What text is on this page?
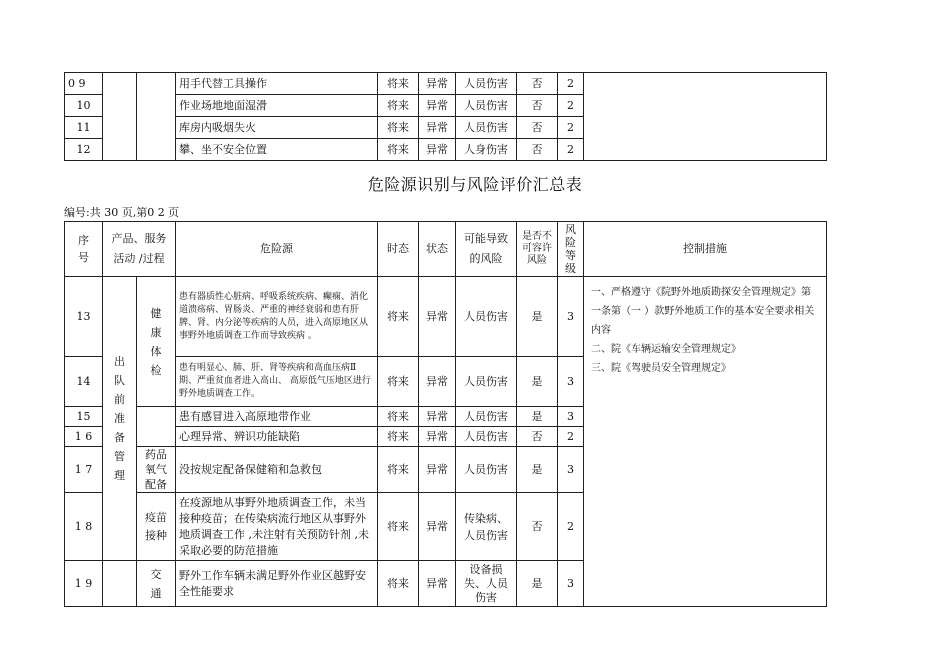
0 9			用手代替工具操作	将来	异常	人员伤害	否	2	
10			作业场地地面湿滑	将来	异常	人员伤害	否	2	
11			库房内吸烟失火	将来	异常	人员伤害	否	2	
12			攀、坐不安全位置	将来	异常	人身伤害	否	2	
危险源识别与风险评价汇总表
编号:共 30 页,第0 2 页
序号	产品、服务活动 /过程		危险源	时态	状态	可能导致的风险	是否不可容许风险	风险等级	控制措施
13	出队前准备管理	健康体检	患有器质性心脏病、呼吸系统疾病、癫痫、消化道溃疡病、胃肠炎、严重的神经衰弱和患有肝脾、肾、内分泌等疾病的人员，进入高原地区从事野外地质调查工作而导致疾病 。	将来	异常	人员伤害	是	3	一、严格遵守《院野外地质勘探安全管理规定》第一条第（一 ）款野外地质工作的基本安全要求相关内容
二、院《车辆运输安全管理规定》
三、院《驾驶员安全管理规定》

14			患有明显心、肺、肝、肾等疾病和高血压病Ⅱ期、严重贫血者进入高山、 高原低气压地区进行野外地质调查工作。	将来	异常	人员伤害	是	3	
15			患有感冒进入高原地带作业	将来	异常	人员伤害	是	3	
1 6			心理异常、辨识功能缺陷	将来	异常	人员伤害	否	2	
1 7		药品氧气配备	没按规定配备保健箱和急救包	将来	异常	人员伤害	是	3	
1 8		疫苗接种	在疫源地从事野外地质调查工作，未当接种疫苗；在传染病流行地区从事野外地质调查工作 ,未注射有关预防针剂 ,未采取必要的防范措施	将来	异常	传染病、人员伤害	否	2	
1 9		交通	野外工作车辆未满足野外作业区越野安全性能要求	将来	异常	设备损失、人员伤害	是	3	
